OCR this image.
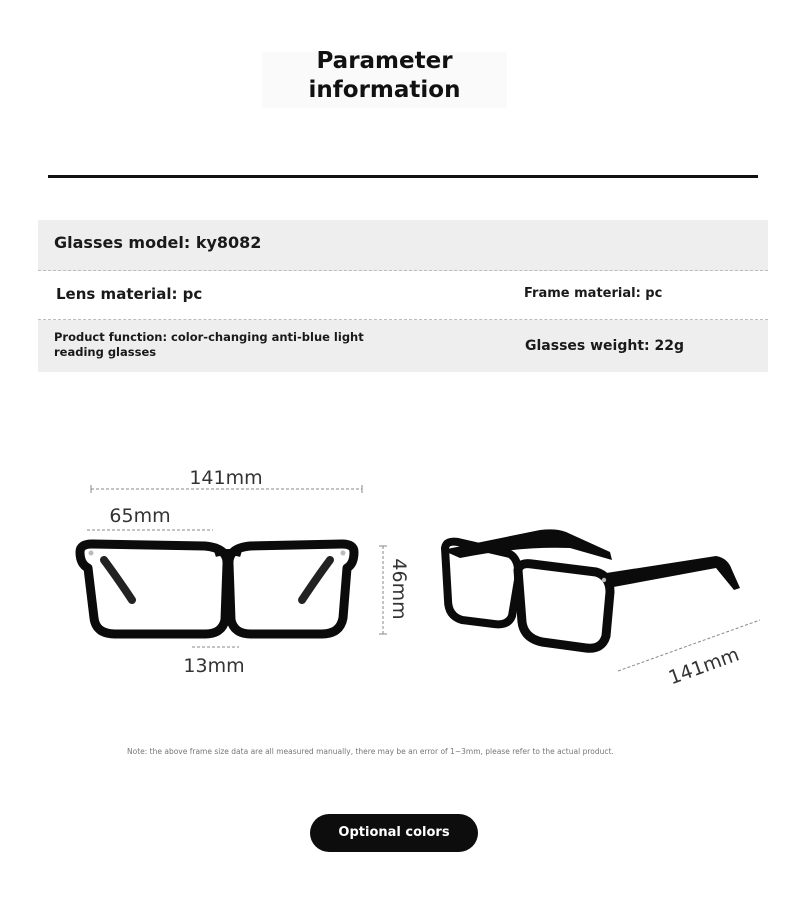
Parameter
information
Glasses model: ky8082
Lens material: pc	Frame material: pc
Product function: color-changing anti-blue light
reading glasses	Glasses weight: 22g
141mm
65mm
46mm
13mm	141mm
Note: the above frame size data are all measured manually, there may be an error of 1~3mm, please refer to the actual product.
Optional colors
